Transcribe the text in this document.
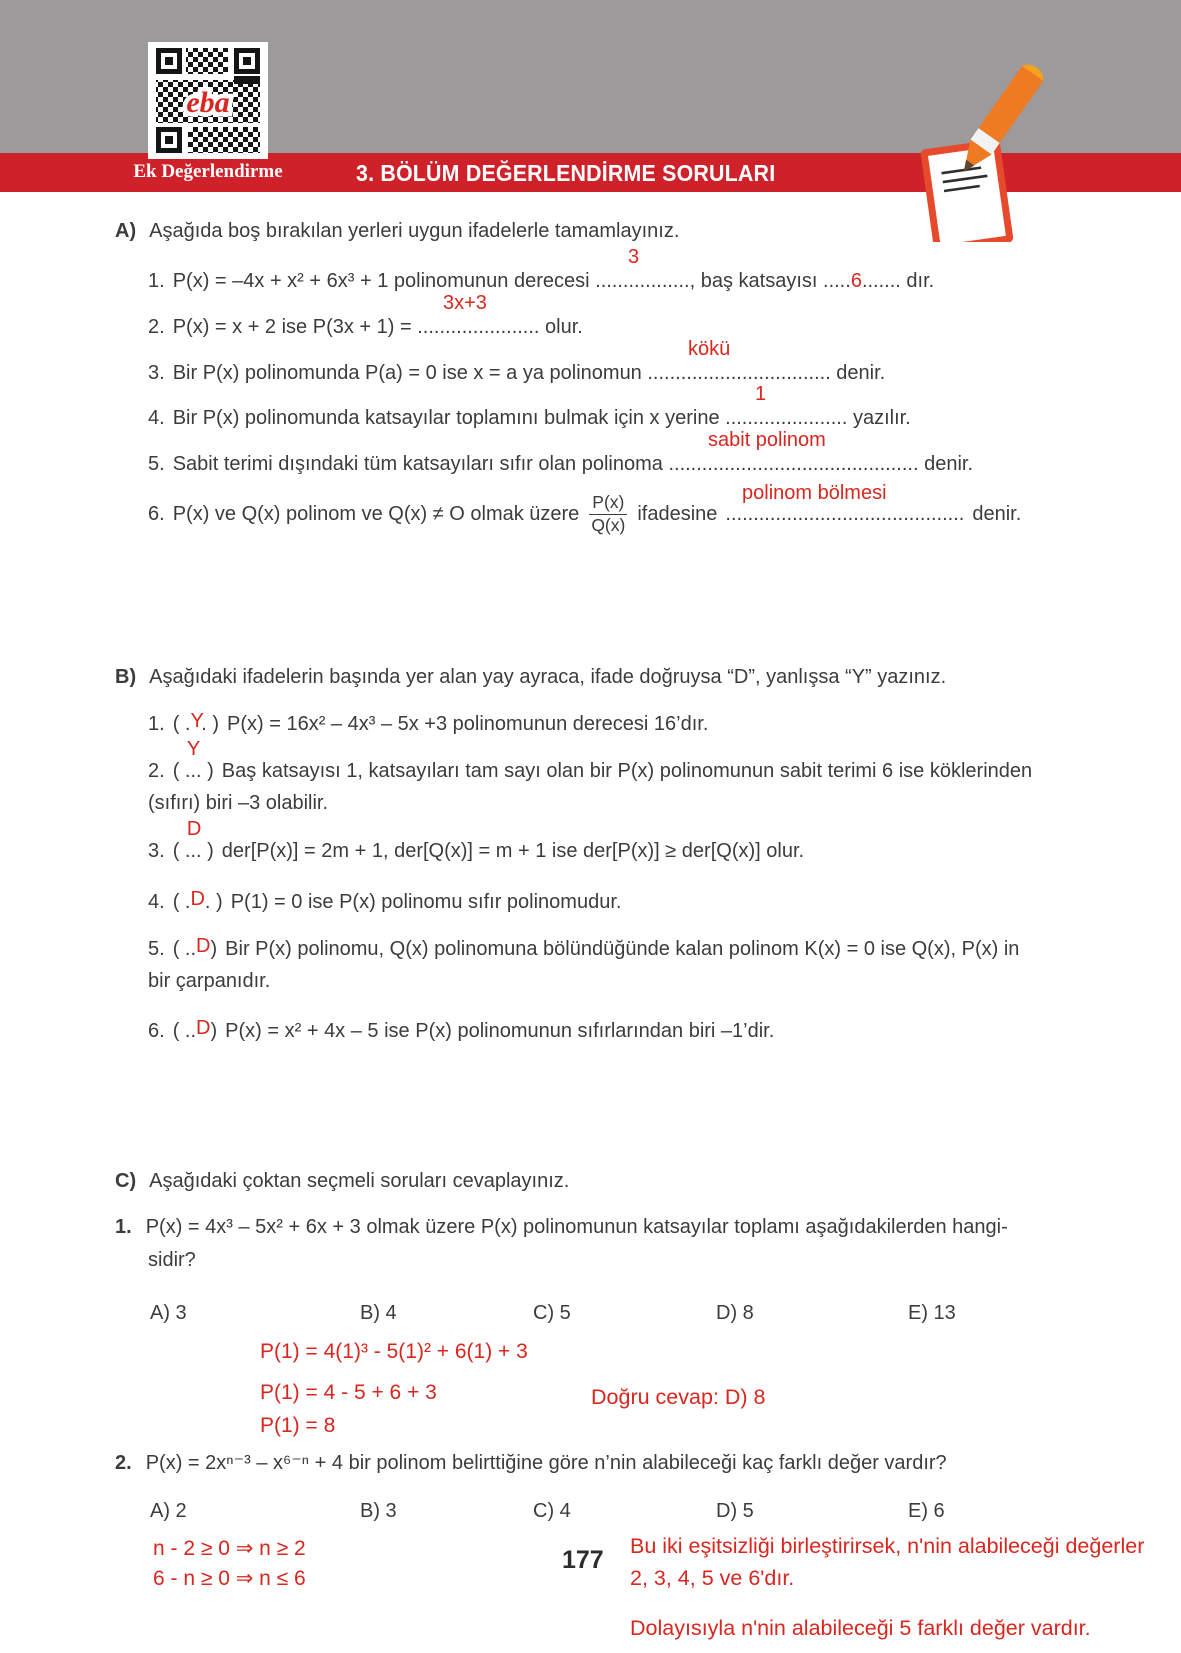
eba
Ek Değerlendirme	3. BÖLÜM DEĞERLENDİRME SORULARI
A) Aşağıda boş bırakılan yerleri uygun ifadelerle tamamlayınız.
1. P(x) = –4x + x² + 6x³ + 1 polinomunun derecesi ................., baş katsayısı .....6....... dır.
3
2. P(x) = x + 2 ise P(3x + 1) = ...................... olur.
3x+3
3. Bir P(x) polinomunda P(a) = 0 ise x = a ya polinomun ................................. denir.
kökü
4. Bir P(x) polinomunda katsayılar toplamını bulmak için x yerine ...................... yazılır.
1
5. Sabit terimi dışındaki tüm katsayıları sıfır olan polinoma ............................................. denir.
sabit polinom
6. P(x) ve Q(x) polinom ve Q(x) ≠ O olmak üzere $\frac{P(x)}{Q(x)}$ ifadesine ........................................... denir.
polinom bölmesi
B) Aşağıdaki ifadelerin başında yer alan yay ayraca, ifade doğruysa “D”, yanlışsa “Y” yazınız.
1. ( .Y. ) P(x) = 16x² – 4x³ – 5x +3 polinomunun derecesi 16’dır.
2. ( ...
Y
) Baş katsayısı 1, katsayıları tam sayı olan bir P(x) polinomunun sabit terimi 6 ise köklerinden
(sıfırı) biri –3 olabilir.
3. ( ...
D
) der[P(x)] = 2m + 1, der[Q(x)] = m + 1 ise der[P(x)] ≥ der[Q(x)] olur.
4. ( .D. ) P(1) = 0 ise P(x) polinomu sıfır polinomudur.
5. ( ..D) Bir P(x) polinomu, Q(x) polinomuna bölündüğünde kalan polinom K(x) = 0 ise Q(x), P(x) in
bir çarpanıdır.
6. ( ..D) P(x) = x² + 4x – 5 ise P(x) polinomunun sıfırlarından biri –1’dir.
C) Aşağıdaki çoktan seçmeli soruları cevaplayınız.
1. P(x) = 4x³ – 5x² + 6x + 3 olmak üzere P(x) polinomunun katsayılar toplamı aşağıdakilerden hangi-
sidir?
A) 3	B) 4	C) 5	D) 8	E) 13
P(1) = 4(1)³ - 5(1)² + 6(1) + 3
P(1) = 4 - 5 + 6 + 3	Doğru cevap: D) 8
P(1) = 8
2. P(x) = 2xⁿ⁻³ – x⁶⁻ⁿ + 4 bir polinom belirttiğine göre n’nin alabileceği kaç farklı değer vardır?
A) 2	B) 3	C) 4	D) 5	E) 6
n - 2 ≥ 0 ⇒ n ≥ 2
6 - n ≥ 0 ⇒ n ≤ 6
177 Bu iki eşitsizliği birleştirirsek, n'nin alabileceği değerler
2, 3, 4, 5 ve 6'dır.
Dolayısıyla n'nin alabileceği 5 farklı değer vardır.
